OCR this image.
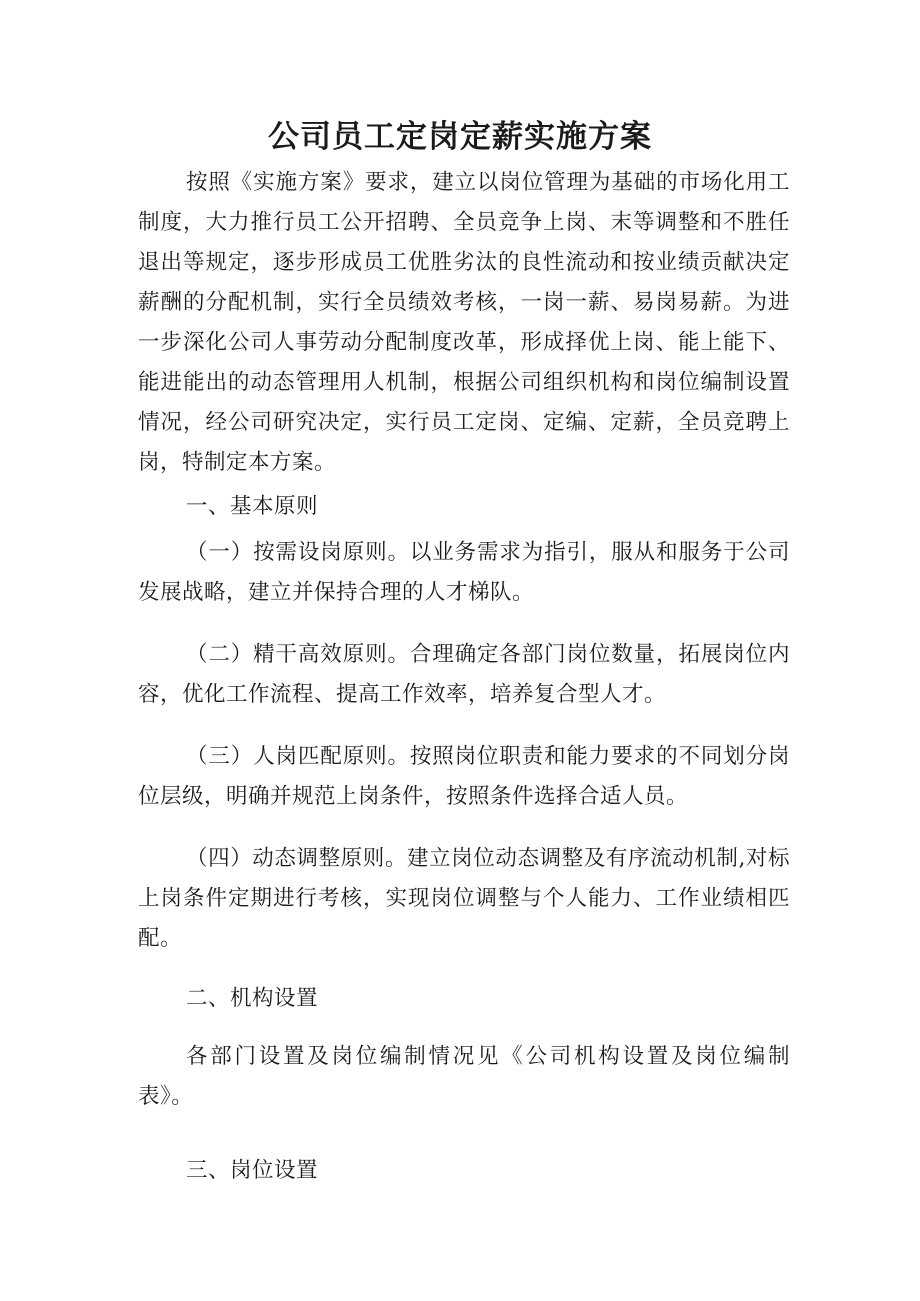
公司员工定岗定薪实施方案

按照《实施方案》要求，建立以岗位管理为基础的市场化用工制度，大力推行员工公开招聘、全员竞争上岗、末等调整和不胜任退出等规定，逐步形成员工优胜劣汰的良性流动和按业绩贡献决定薪酬的分配机制，实行全员绩效考核，一岗一薪、易岗易薪。为进一步深化公司人事劳动分配制度改革，形成择优上岗、能上能下、能进能出的动态管理用人机制，根据公司组织机构和岗位编制设置情况，经公司研究决定，实行员工定岗、定编、定薪，全员竞聘上岗，特制定本方案。

一、基本原则

（一）按需设岗原则。以业务需求为指引，服从和服务于公司发展战略，建立并保持合理的人才梯队。

（二）精干高效原则。合理确定各部门岗位数量，拓展岗位内容，优化工作流程、提高工作效率，培养复合型人才。

（三）人岗匹配原则。按照岗位职责和能力要求的不同划分岗位层级，明确并规范上岗条件，按照条件选择合适人员。

（四）动态调整原则。建立岗位动态调整及有序流动机制,对标上岗条件定期进行考核，实现岗位调整与个人能力、工作业绩相匹配。

二、机构设置

各部门设置及岗位编制情况见《公司机构设置及岗位编制表》。

三、岗位设置
